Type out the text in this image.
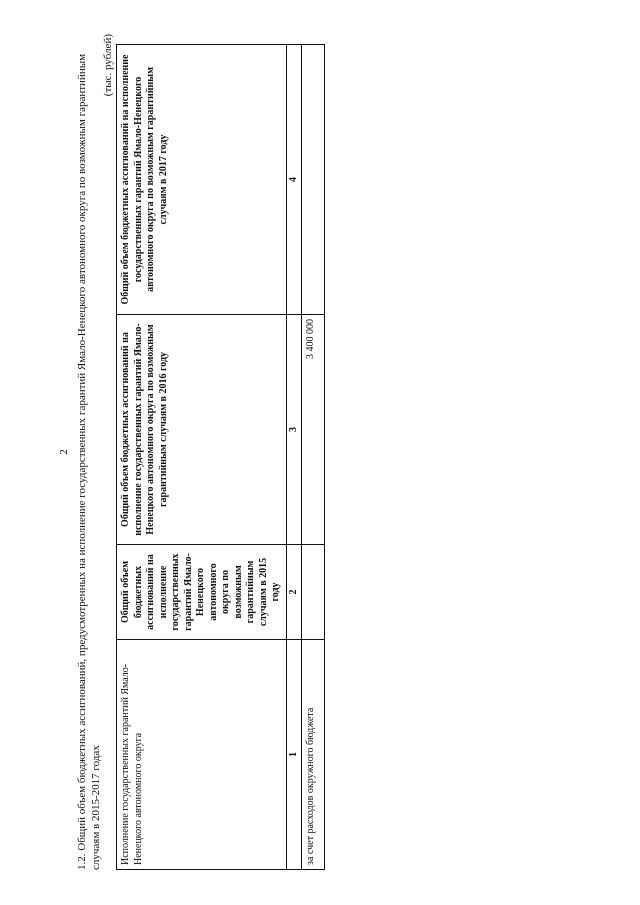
2 1.2. Общий объем бюджетных ассигнований, предусмотренных на исполнение государственных гарантий Ямало-Ненецкого автономного округа по возможным гарантийным случаям в 2015-2017 годах
(тыс. рублей)
Исполнение государственных гарантий Ямало-Ненецкого автономного округа	Общий объем бюджетных ассигнований на исполнение государственных гарантий Ямало-Ненецкого автономного округа по возможным гарантийным случаям в 2015 году	Общий объем бюджетных ассигнований на исполнение государственных гарантий Ямало-Ненецкого автономного округа по возможным гарантийным случаям в 2016 году	Общий объем бюджетных ассигнований на исполнение государственных гарантий Ямало-Ненецкого автономного округа по возможным гарантийным случаям в 2017 году
1	2	3	4
за счет расходов окружного бюджета		3 400 000	
